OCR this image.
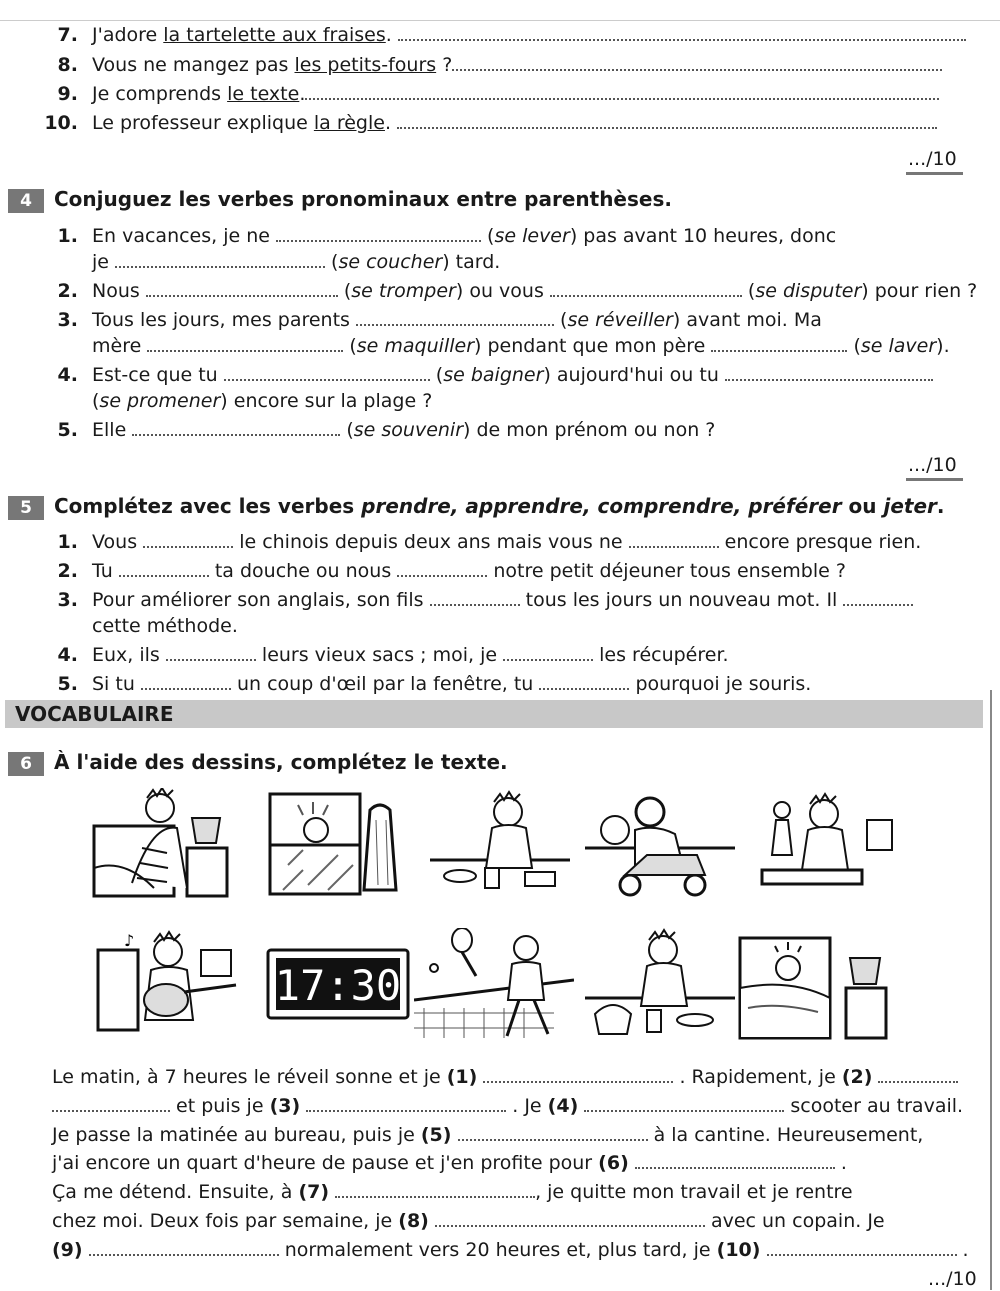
7. J'adore la tartelette aux fraises.
8. Vous ne mangez pas les petits-fours ?
9. Je comprends le texte.
10. Le professeur explique la règle.
.../10
4 Conjuguez les verbes pronominaux entre parenthèses.
1. En vacances, je ne	(se lever) pas avant 10 heures, donc
je	(se coucher) tard.
2. Nous	(se tromper) ou vous	(se disputer) pour rien ?
3. Tous les jours, mes parents	(se réveiller) avant moi. Ma
mère	(se maquiller) pendant que mon père	(se laver).
4. Est-ce que tu	(se baigner) aujourd'hui ou tu
(se promener) encore sur la plage ?
5. Elle	(se souvenir) de mon prénom ou non ?
.../10
5 Complétez avec les verbes prendre, apprendre, comprendre, préférer ou jeter.
1. Vous	le chinois depuis deux ans mais vous ne	encore presque rien.
2. Tu	ta douche ou nous	notre petit déjeuner tous ensemble ?
3. Pour améliorer son anglais, son fils	tous les jours un nouveau mot. Il
cette méthode.
4. Eux, ils	leurs vieux sacs ; moi, je	les récupérer.
5. Si tu	un coup d'œil par la fenêtre, tu	pourquoi je souris.
VOCABULAIRE
6 À l'aide des dessins, complétez le texte.
♪
17:30
Le matin, à 7 heures le réveil sonne et je (1)	. Rapidement, je (2)
et puis je (3)	. Je (4)	scooter au travail.
Je passe la matinée au bureau, puis je (5)	à la cantine. Heureusement,
j'ai encore un quart d'heure de pause et j'en profite pour (6)	.
Ça me détend. Ensuite, à (7)	, je quitte mon travail et je rentre
chez moi. Deux fois par semaine, je (8)	avec un copain. Je
(9)	normalement vers 20 heures et, plus tard, je (10)	.
.../10
